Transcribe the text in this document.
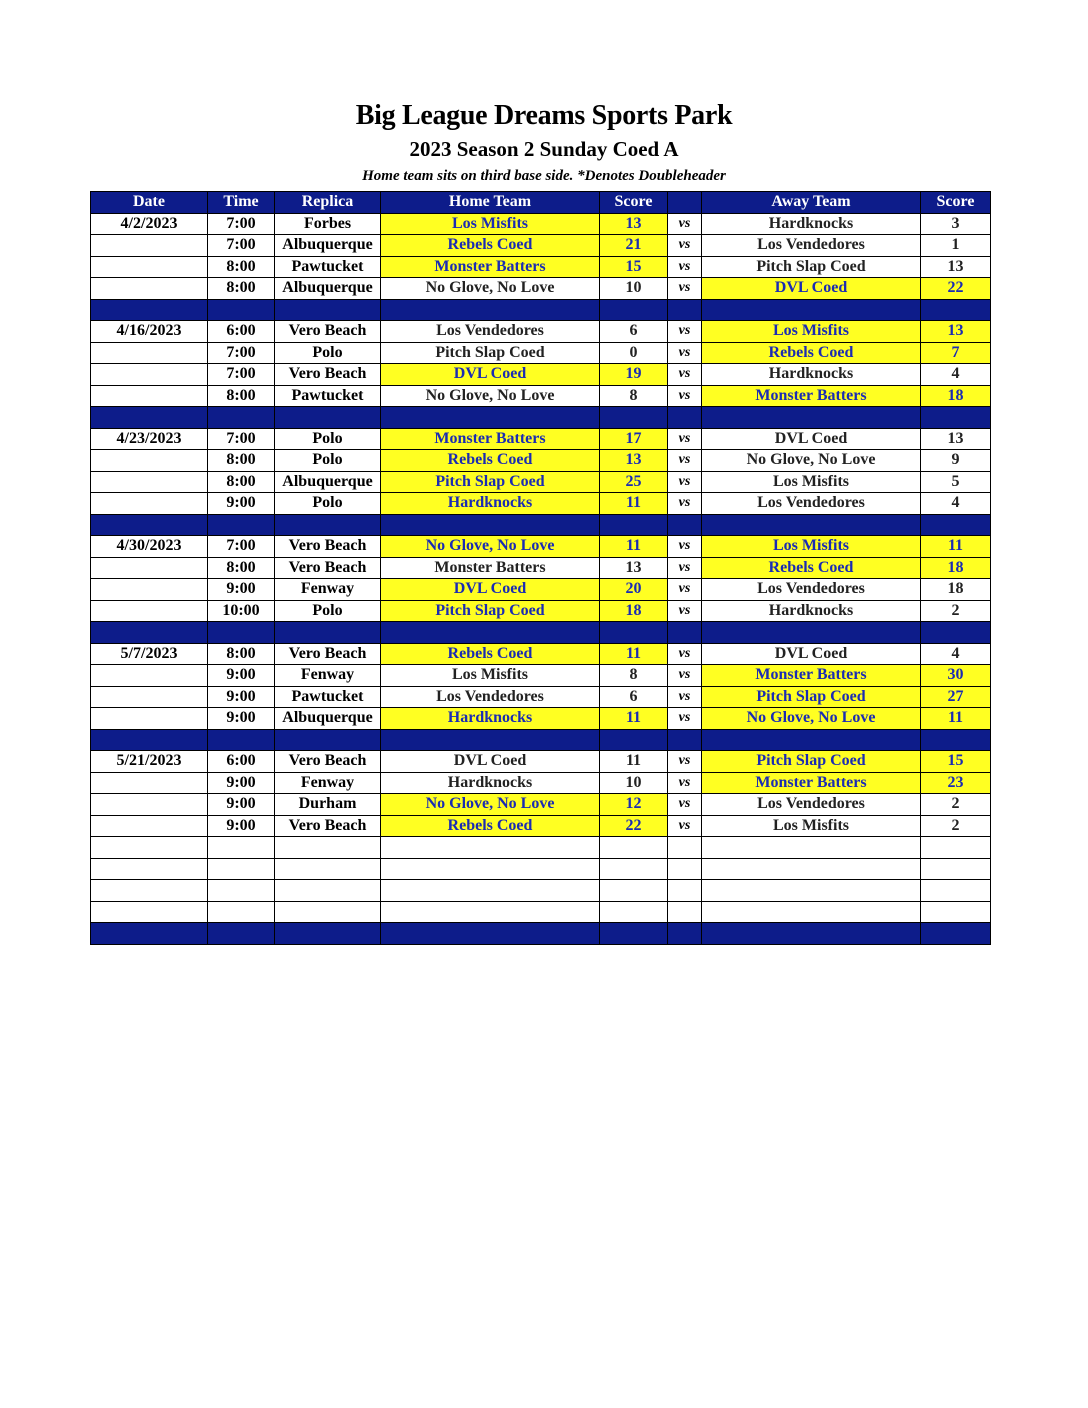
Big League Dreams Sports Park
2023 Season 2 Sunday Coed A
Home team sits on third base side. *Denotes Doubleheader
Date	Time	Replica	Home Team	Score		Away Team	Score
4/2/2023	7:00	Forbes	Los Misfits	13	vs	Hardknocks	3
	7:00	Albuquerque	Rebels Coed	21	vs	Los Vendedores	1
	8:00	Pawtucket	Monster Batters	15	vs	Pitch Slap Coed	13
	8:00	Albuquerque	No Glove, No Love	10	vs	DVL Coed	22

4/16/2023	6:00	Vero Beach	Los Vendedores	6	vs	Los Misfits	13
	7:00	Polo	Pitch Slap Coed	0	vs	Rebels Coed	7
	7:00	Vero Beach	DVL Coed	19	vs	Hardknocks	4
	8:00	Pawtucket	No Glove, No Love	8	vs	Monster Batters	18

4/23/2023	7:00	Polo	Monster Batters	17	vs	DVL Coed	13
	8:00	Polo	Rebels Coed	13	vs	No Glove, No Love	9
	8:00	Albuquerque	Pitch Slap Coed	25	vs	Los Misfits	5
	9:00	Polo	Hardknocks	11	vs	Los Vendedores	4

4/30/2023	7:00	Vero Beach	No Glove, No Love	11	vs	Los Misfits	11
	8:00	Vero Beach	Monster Batters	13	vs	Rebels Coed	18
	9:00	Fenway	DVL Coed	20	vs	Los Vendedores	18
	10:00	Polo	Pitch Slap Coed	18	vs	Hardknocks	2

5/7/2023	8:00	Vero Beach	Rebels Coed	11	vs	DVL Coed	4
	9:00	Fenway	Los Misfits	8	vs	Monster Batters	30
	9:00	Pawtucket	Los Vendedores	6	vs	Pitch Slap Coed	27
	9:00	Albuquerque	Hardknocks	11	vs	No Glove, No Love	11

5/21/2023	6:00	Vero Beach	DVL Coed	11	vs	Pitch Slap Coed	15
	9:00	Fenway	Hardknocks	10	vs	Monster Batters	23
	9:00	Durham	No Glove, No Love	12	vs	Los Vendedores	2
	9:00	Vero Beach	Rebels Coed	22	vs	Los Misfits	2
